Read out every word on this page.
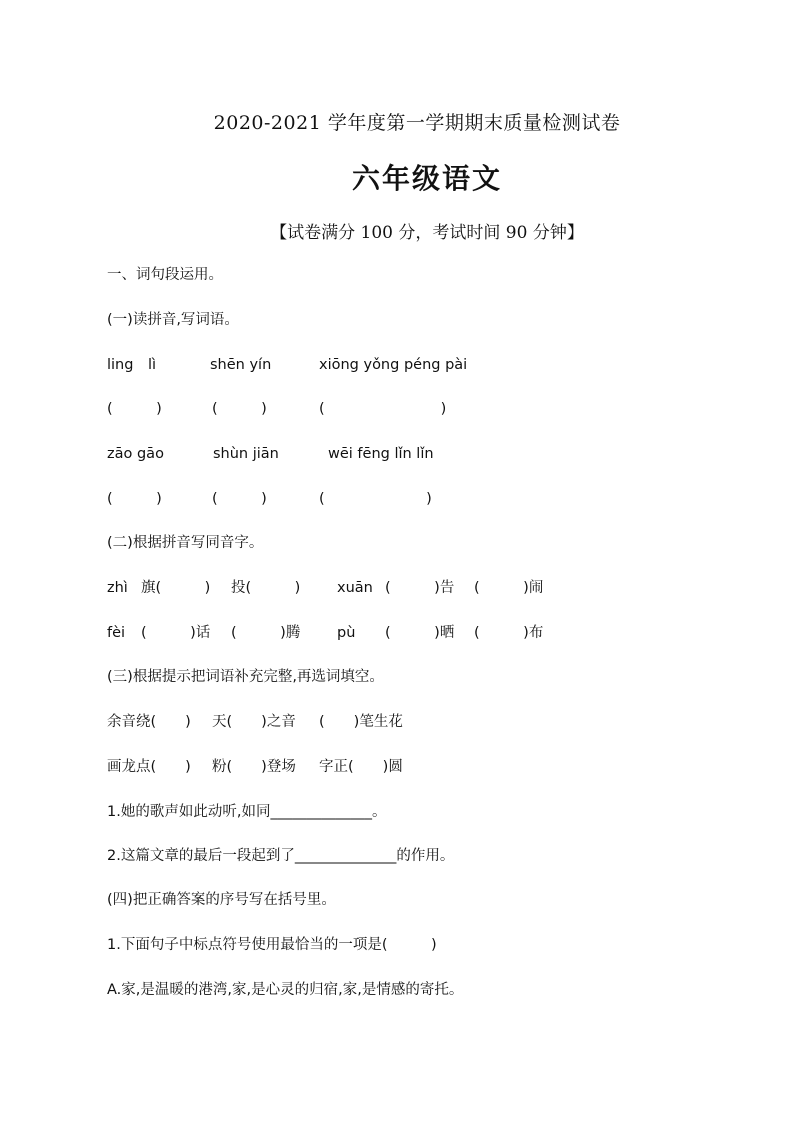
2020-2021 学年度第一学期期末质量检测试卷
六年级语文

【试卷满分 100 分，考试时间 90 分钟】

一、词句段运用。

(一)读拼音,写词语。

ling　lì	shēn yín	xiōng yǒng péng pài

(　　　)	(　　　)	(　　　　　　　　)

zāo gāo	shùn jiān	wēi fēng lǐn lǐn

(　　　)	(　　　)	(　　　　　　　)

(二)根据拼音写同音字。

zhì 旗(　　　) 投(　　　)	xuān (　　　)告 (　　　)闹

fèi (　　　)话 (　　　)腾	pù (　　　)晒 (　　　)布

(三)根据提示把词语补充完整,再选词填空。

余音绕(　　) 天(　　)之音 (　　)笔生花

画龙点(　　) 粉(　　)登场 字正(　　)圆

1.她的歌声如此动听,如同______________。

2.这篇文章的最后一段起到了______________的作用。

(四)把正确答案的序号写在括号里。

1.下面句子中标点符号使用最恰当的一项是(　　　)

A.家,是温暖的港湾,家,是心灵的归宿,家,是情感的寄托。
